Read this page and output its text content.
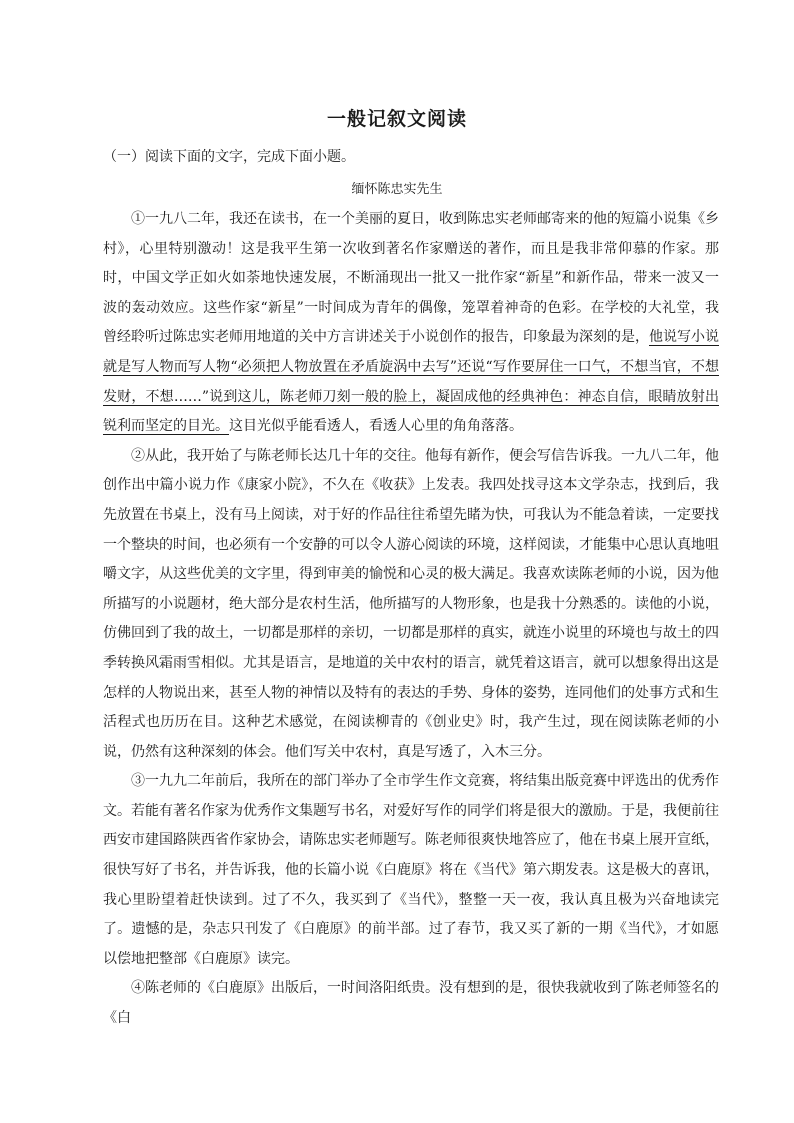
一般记叙文阅读

（一）阅读下面的文字，完成下面小题。

缅怀陈忠实先生

①一九八二年，我还在读书，在一个美丽的夏日，收到陈忠实老师邮寄来的他的短篇小说集《乡村》，心里特别激动！这是我平生第一次收到著名作家赠送的著作，而且是我非常仰慕的作家。那时，中国文学正如火如荼地快速发展，不断涌现出一批又一批作家“新星”和新作品，带来一波又一波的轰动效应。这些作家“新星”一时间成为青年的偶像，笼罩着神奇的色彩。在学校的大礼堂，我曾经聆听过陈忠实老师用地道的关中方言讲述关于小说创作的报告，印象最为深刻的是，他说写小说就是写人物而写人物“必须把人物放置在矛盾旋涡中去写”还说“写作要屏住一口气，不想当官，不想发财，不想……”说到这儿，陈老师刀刻一般的脸上，凝固成他的经典神色：神态自信，眼睛放射出锐利而坚定的目光。这目光似乎能看透人，看透人心里的角角落落。

②从此，我开始了与陈老师长达几十年的交往。他每有新作，便会写信告诉我。一九八二年，他创作出中篇小说力作《康家小院》，不久在《收获》上发表。我四处找寻这本文学杂志，找到后，我先放置在书桌上，没有马上阅读，对于好的作品往往希望先睹为快，可我认为不能急着读，一定要找一个整块的时间，也必须有一个安静的可以令人游心阅读的环境，这样阅读，才能集中心思认真地咀嚼文字，从这些优美的文字里，得到审美的愉悦和心灵的极大满足。我喜欢读陈老师的小说，因为他所描写的小说题材，绝大部分是农村生活，他所描写的人物形象，也是我十分熟悉的。读他的小说，仿佛回到了我的故土，一切都是那样的亲切，一切都是那样的真实，就连小说里的环境也与故土的四季转换风霜雨雪相似。尤其是语言，是地道的关中农村的语言，就凭着这语言，就可以想象得出这是怎样的人物说出来，甚至人物的神情以及特有的表达的手势、身体的姿势，连同他们的处事方式和生活程式也历历在目。这种艺术感觉，在阅读柳青的《创业史》时，我产生过，现在阅读陈老师的小说，仍然有这种深刻的体会。他们写关中农村，真是写透了，入木三分。

③一九九二年前后，我所在的部门举办了全市学生作文竞赛，将结集出版竞赛中评选出的优秀作文。若能有著名作家为优秀作文集题写书名，对爱好写作的同学们将是很大的激励。于是，我便前往西安市建国路陕西省作家协会，请陈忠实老师题写。陈老师很爽快地答应了，他在书桌上展开宣纸，很快写好了书名，并告诉我，他的长篇小说《白鹿原》将在《当代》第六期发表。这是极大的喜讯，我心里盼望着赶快读到。过了不久，我买到了《当代》，整整一天一夜，我认真且极为兴奋地读完了。遗憾的是，杂志只刊发了《白鹿原》的前半部。过了春节，我又买了新的一期《当代》，才如愿以偿地把整部《白鹿原》读完。

④陈老师的《白鹿原》出版后，一时间洛阳纸贵。没有想到的是，很快我就收到了陈老师签名的《白
